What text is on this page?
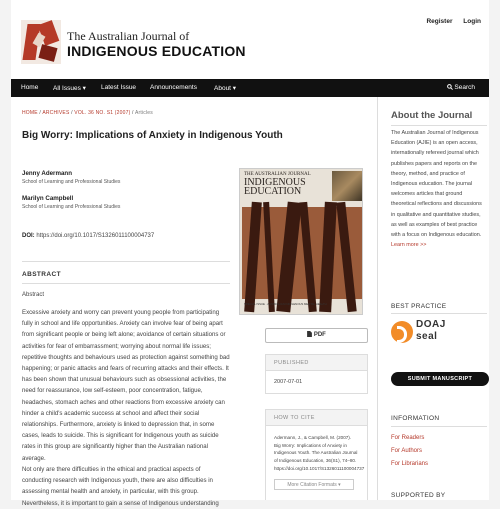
Register Login
The Australian Journal of
INDIGENOUS EDUCATION
Home All Issues ▾ Latest Issue Announcements	About ▾	Search
HOME / ARCHIVES / VOL. 36 NO. S1 (2007) / Articles
Big Worry: Implications of Anxiety in Indigenous Youth
Jenny Adermann
School of Learning and Professional Studies
Marilyn Campbell
School of Learning and Professional Studies
DOI: https://doi.org/10.1017/S1326011100004737
THE AUSTRALIAN JOURNAL
INDIGENOUS
EDUCATION
SPECIAL ISSUE · AUSTRALIAN INDIGENOUS MENTAL HEALTH
ABSTRACT
Abstract

Excessive anxiety and worry can prevent young people from participating fully in school and life opportunities. Anxiety can involve fear of being apart from significant people or being left alone; avoidance of certain situations or activities for fear of embarrassment; worrying about normal life issues; repetitive thoughts and behaviours used as protection against something bad happening; or panic attacks and fears of recurring attacks and their effects. It has been shown that unusual behaviours such as obsessional activities, the need for reassurance, low self-esteem, poor concentration, fatigue, headaches, stomach aches and other reactions from excessive anxiety can hinder a child's academic success at school and affect their social relationships. Furthermore, anxiety is linked to depression that, in some cases, leads to suicide. This is significant for Indigenous youth as suicide rates in this group are significantly higher than the Australian national average.

Not only are there difficulties in the ethical and practical aspects of conducting research with Indigenous youth, there are also difficulties in assessing mental health and anxiety, in particular, with this group. Nevertheless, it is important to gain a sense of Indigenous understanding

PDF
PUBLISHED
2007-07-01
HOW TO CITE
Adermann, J., & Campbell, M. (2007). Big Worry: Implications of Anxiety in Indigenous Youth. The Australian Journal of Indigenous Education, 36(S1), 74–80. https://doi.org/10.1017/S1326011100004737
More Citation Formats ▾
About the Journal
The Australian Journal of Indigenous Education (AJIE) is an open access, internationally refereed journal which publishes papers and reports on the theory, method, and practice of Indigenous education. The journal welcomes articles that ground theoretical reflections and discussions in qualitative and quantitative studies, as well as examples of best practice with a focus on Indigenous education. Learn more >>
BEST PRACTICE
DOAJ
seal
SUBMIT MANUSCRIPT
INFORMATION
For Readers
For Authors
For Librarians
SUPPORTED BY
